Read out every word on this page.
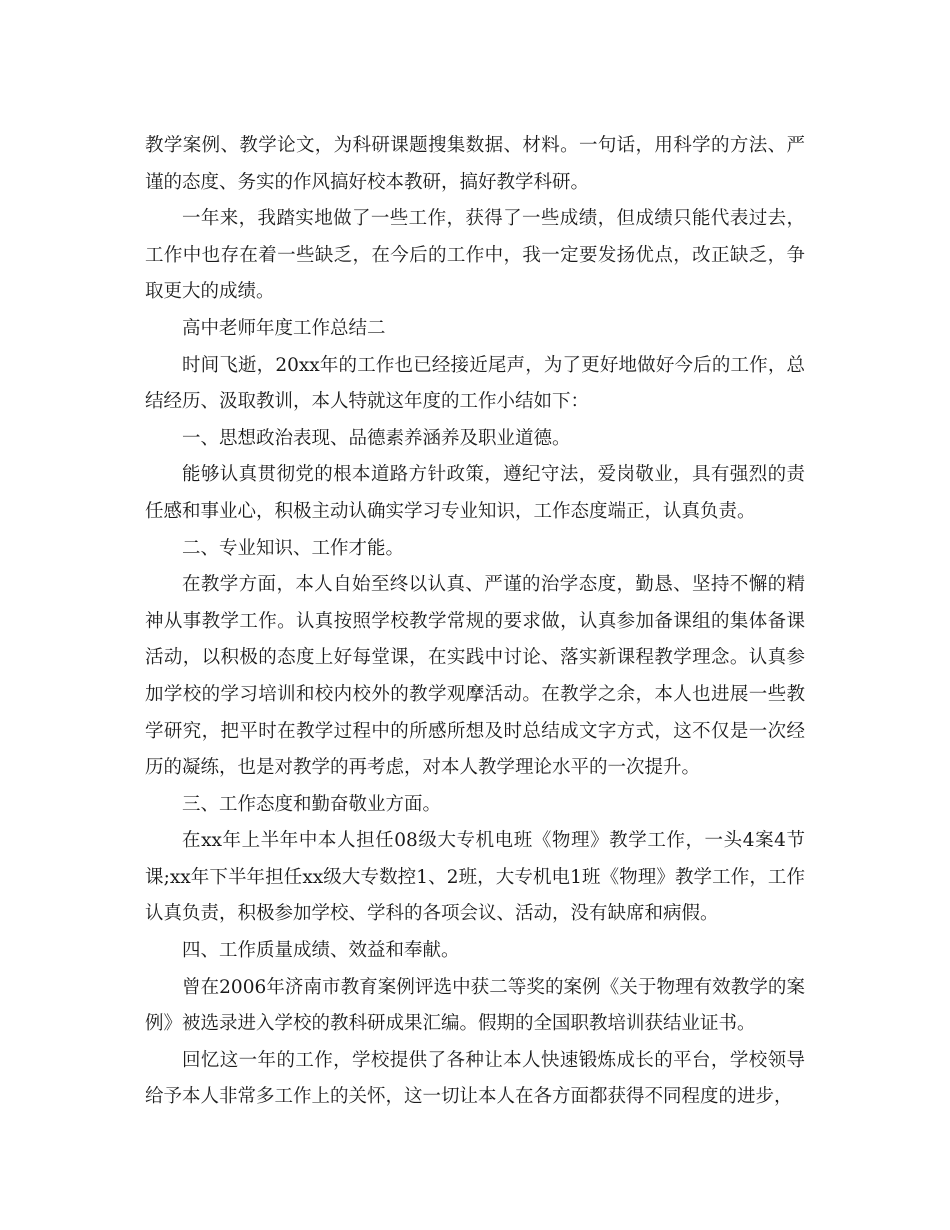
教学案例、教学论文，为科研课题搜集数据、材料。一句话，用科学的方法、严谨的态度、务实的作风搞好校本教研，搞好教学科研。

一年来，我踏实地做了一些工作，获得了一些成绩，但成绩只能代表过去，工作中也存在着一些缺乏，在今后的工作中，我一定要发扬优点，改正缺乏，争取更大的成绩。

高中老师年度工作总结二

时间飞逝，20xx年的工作也已经接近尾声，为了更好地做好今后的工作，总结经历、汲取教训，本人特就这年度的工作小结如下：

一、思想政治表现、品德素养涵养及职业道德。

能够认真贯彻党的根本道路方针政策，遵纪守法，爱岗敬业，具有强烈的责任感和事业心，积极主动认确实学习专业知识，工作态度端正，认真负责。

二、专业知识、工作才能。

在教学方面，本人自始至终以认真、严谨的治学态度，勤恳、坚持不懈的精神从事教学工作。认真按照学校教学常规的要求做，认真参加备课组的集体备课活动，以积极的态度上好每堂课，在实践中讨论、落实新课程教学理念。认真参加学校的学习培训和校内校外的教学观摩活动。在教学之余，本人也进展一些教学研究，把平时在教学过程中的所感所想及时总结成文字方式，这不仅是一次经历的凝练，也是对教学的再考虑，对本人教学理论水平的一次提升。

三、工作态度和勤奋敬业方面。

在xx年上半年中本人担任08级大专机电班《物理》教学工作，一头4案4节课;xx年下半年担任xx级大专数控1、2班，大专机电1班《物理》教学工作，工作认真负责，积极参加学校、学科的各项会议、活动，没有缺席和病假。

四、工作质量成绩、效益和奉献。

曾在2006年济南市教育案例评选中获二等奖的案例《关于物理有效教学的案例》被选录进入学校的教科研成果汇编。假期的全国职教培训获结业证书。

回忆这一年的工作，学校提供了各种让本人快速锻炼成长的平台，学校领导给予本人非常多工作上的关怀，这一切让本人在各方面都获得不同程度的进步，
